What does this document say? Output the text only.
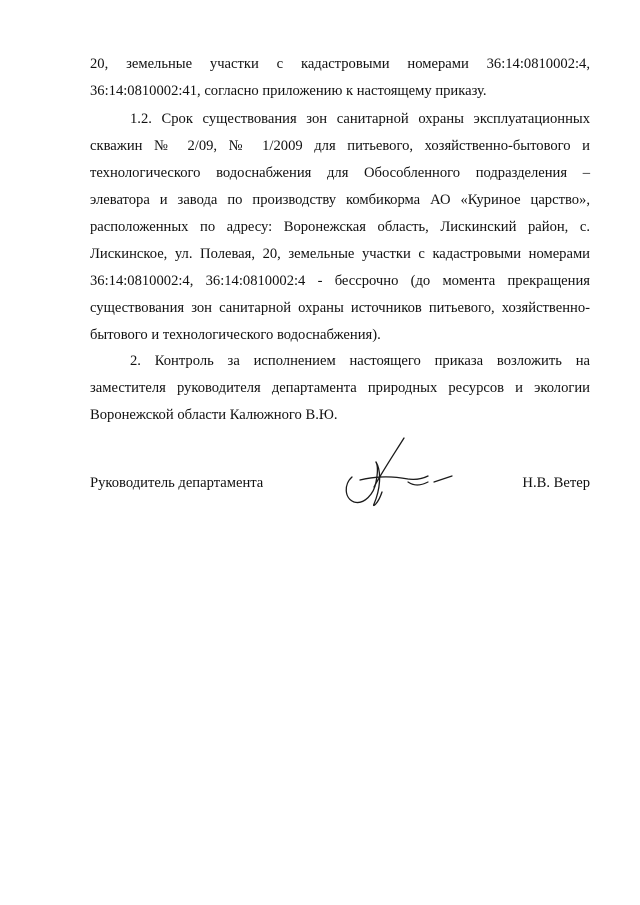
20, земельные участки с кадастровыми номерами 36:14:0810002:4,
36:14:0810002:41, согласно приложению к настоящему приказу.
1.2. Срок существования зон санитарной охраны эксплуатационных
скважин № 2/09, № 1/2009 для питьевого, хозяйственно-бытового и
технологического водоснабжения для Обособленного подразделения –
элеватора и завода по производству комбикорма АО «Куриное царство»,
расположенных по адресу: Воронежская область, Лискинский район, с.
Лискинское, ул. Полевая, 20, земельные участки с кадастровыми номерами
36:14:0810002:4, 36:14:0810002:4 - бессрочно (до момента прекращения
существования зон санитарной охраны источников питьевого, хозяйственно-
бытового и технологического водоснабжения).
2. Контроль за исполнением настоящего приказа возложить на
заместителя руководителя департамента природных ресурсов и экологии
Воронежской области Калюжного В.Ю.
Руководитель департамента	Н.В. Ветер
